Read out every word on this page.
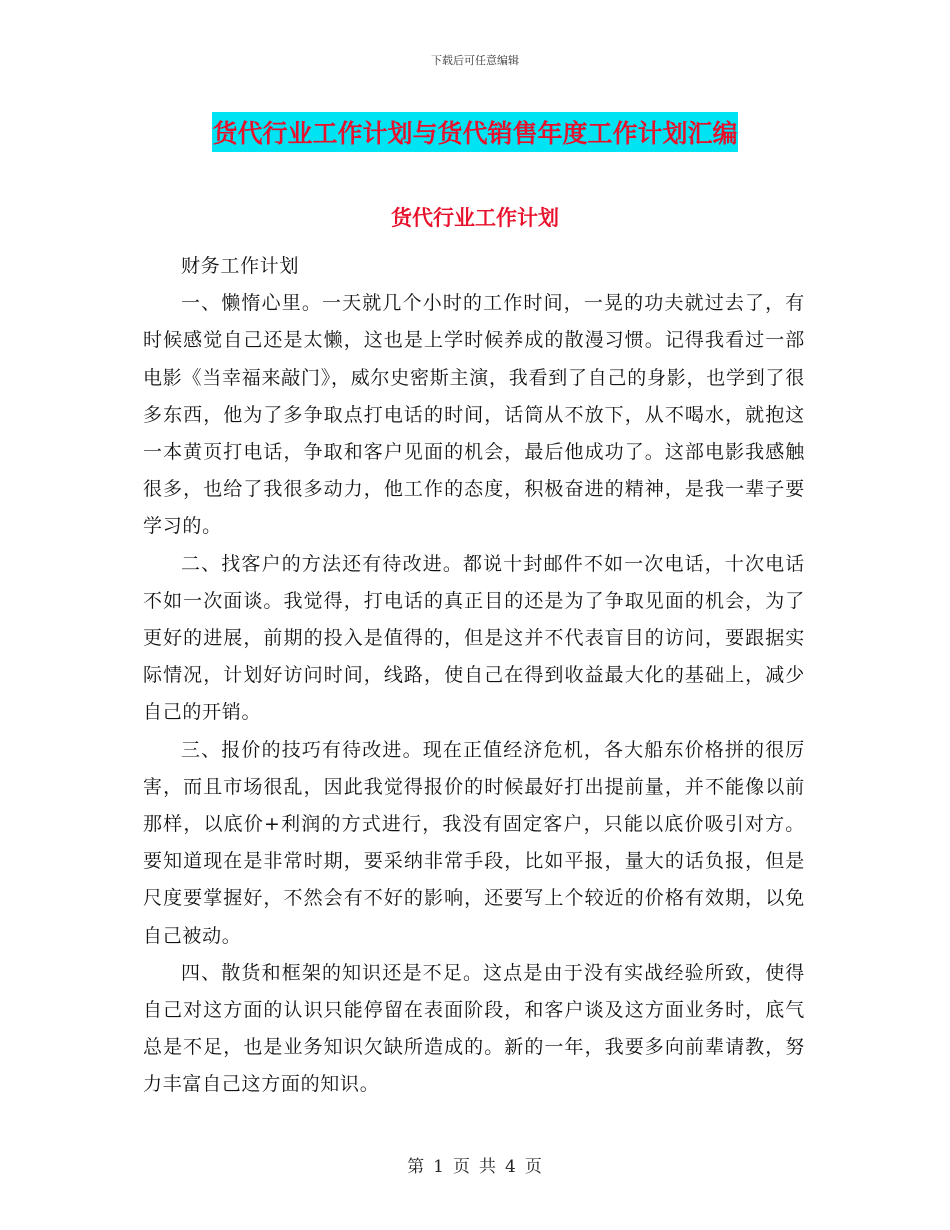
下载后可任意编辑
货代行业工作计划与货代销售年度工作计划汇编
货代行业工作计划

财务工作计划

一、懒惰心里。一天就几个小时的工作时间，一晃的功夫就过去了，有时候感觉自己还是太懒，这也是上学时候养成的散漫习惯。记得我看过一部电影《当幸福来敲门》，威尔史密斯主演，我看到了自己的身影，也学到了很多东西，他为了多争取点打电话的时间，话筒从不放下，从不喝水，就抱这一本黄页打电话，争取和客户见面的机会，最后他成功了。这部电影我感触很多，也给了我很多动力，他工作的态度，积极奋进的精神，是我一辈子要学习的。

二、找客户的方法还有待改进。都说十封邮件不如一次电话，十次电话不如一次面谈。我觉得，打电话的真正目的还是为了争取见面的机会，为了更好的进展，前期的投入是值得的，但是这并不代表盲目的访问，要跟据实际情况，计划好访问时间，线路，使自己在得到收益最大化的基础上，减少自己的开销。

三、报价的技巧有待改进。现在正值经济危机，各大船东价格拼的很厉害，而且市场很乱，因此我觉得报价的时候最好打出提前量，并不能像以前那样，以底价+利润的方式进行，我没有固定客户，只能以底价吸引对方。要知道现在是非常时期，要采纳非常手段，比如平报，量大的话负报，但是尺度要掌握好，不然会有不好的影响，还要写上个较近的价格有效期，以免自己被动。

四、散货和框架的知识还是不足。这点是由于没有实战经验所致，使得自己对这方面的认识只能停留在表面阶段，和客户谈及这方面业务时，底气总是不足，也是业务知识欠缺所造成的。新的一年，我要多向前辈请教，努力丰富自己这方面的知识。

第 1 页 共 4 页
